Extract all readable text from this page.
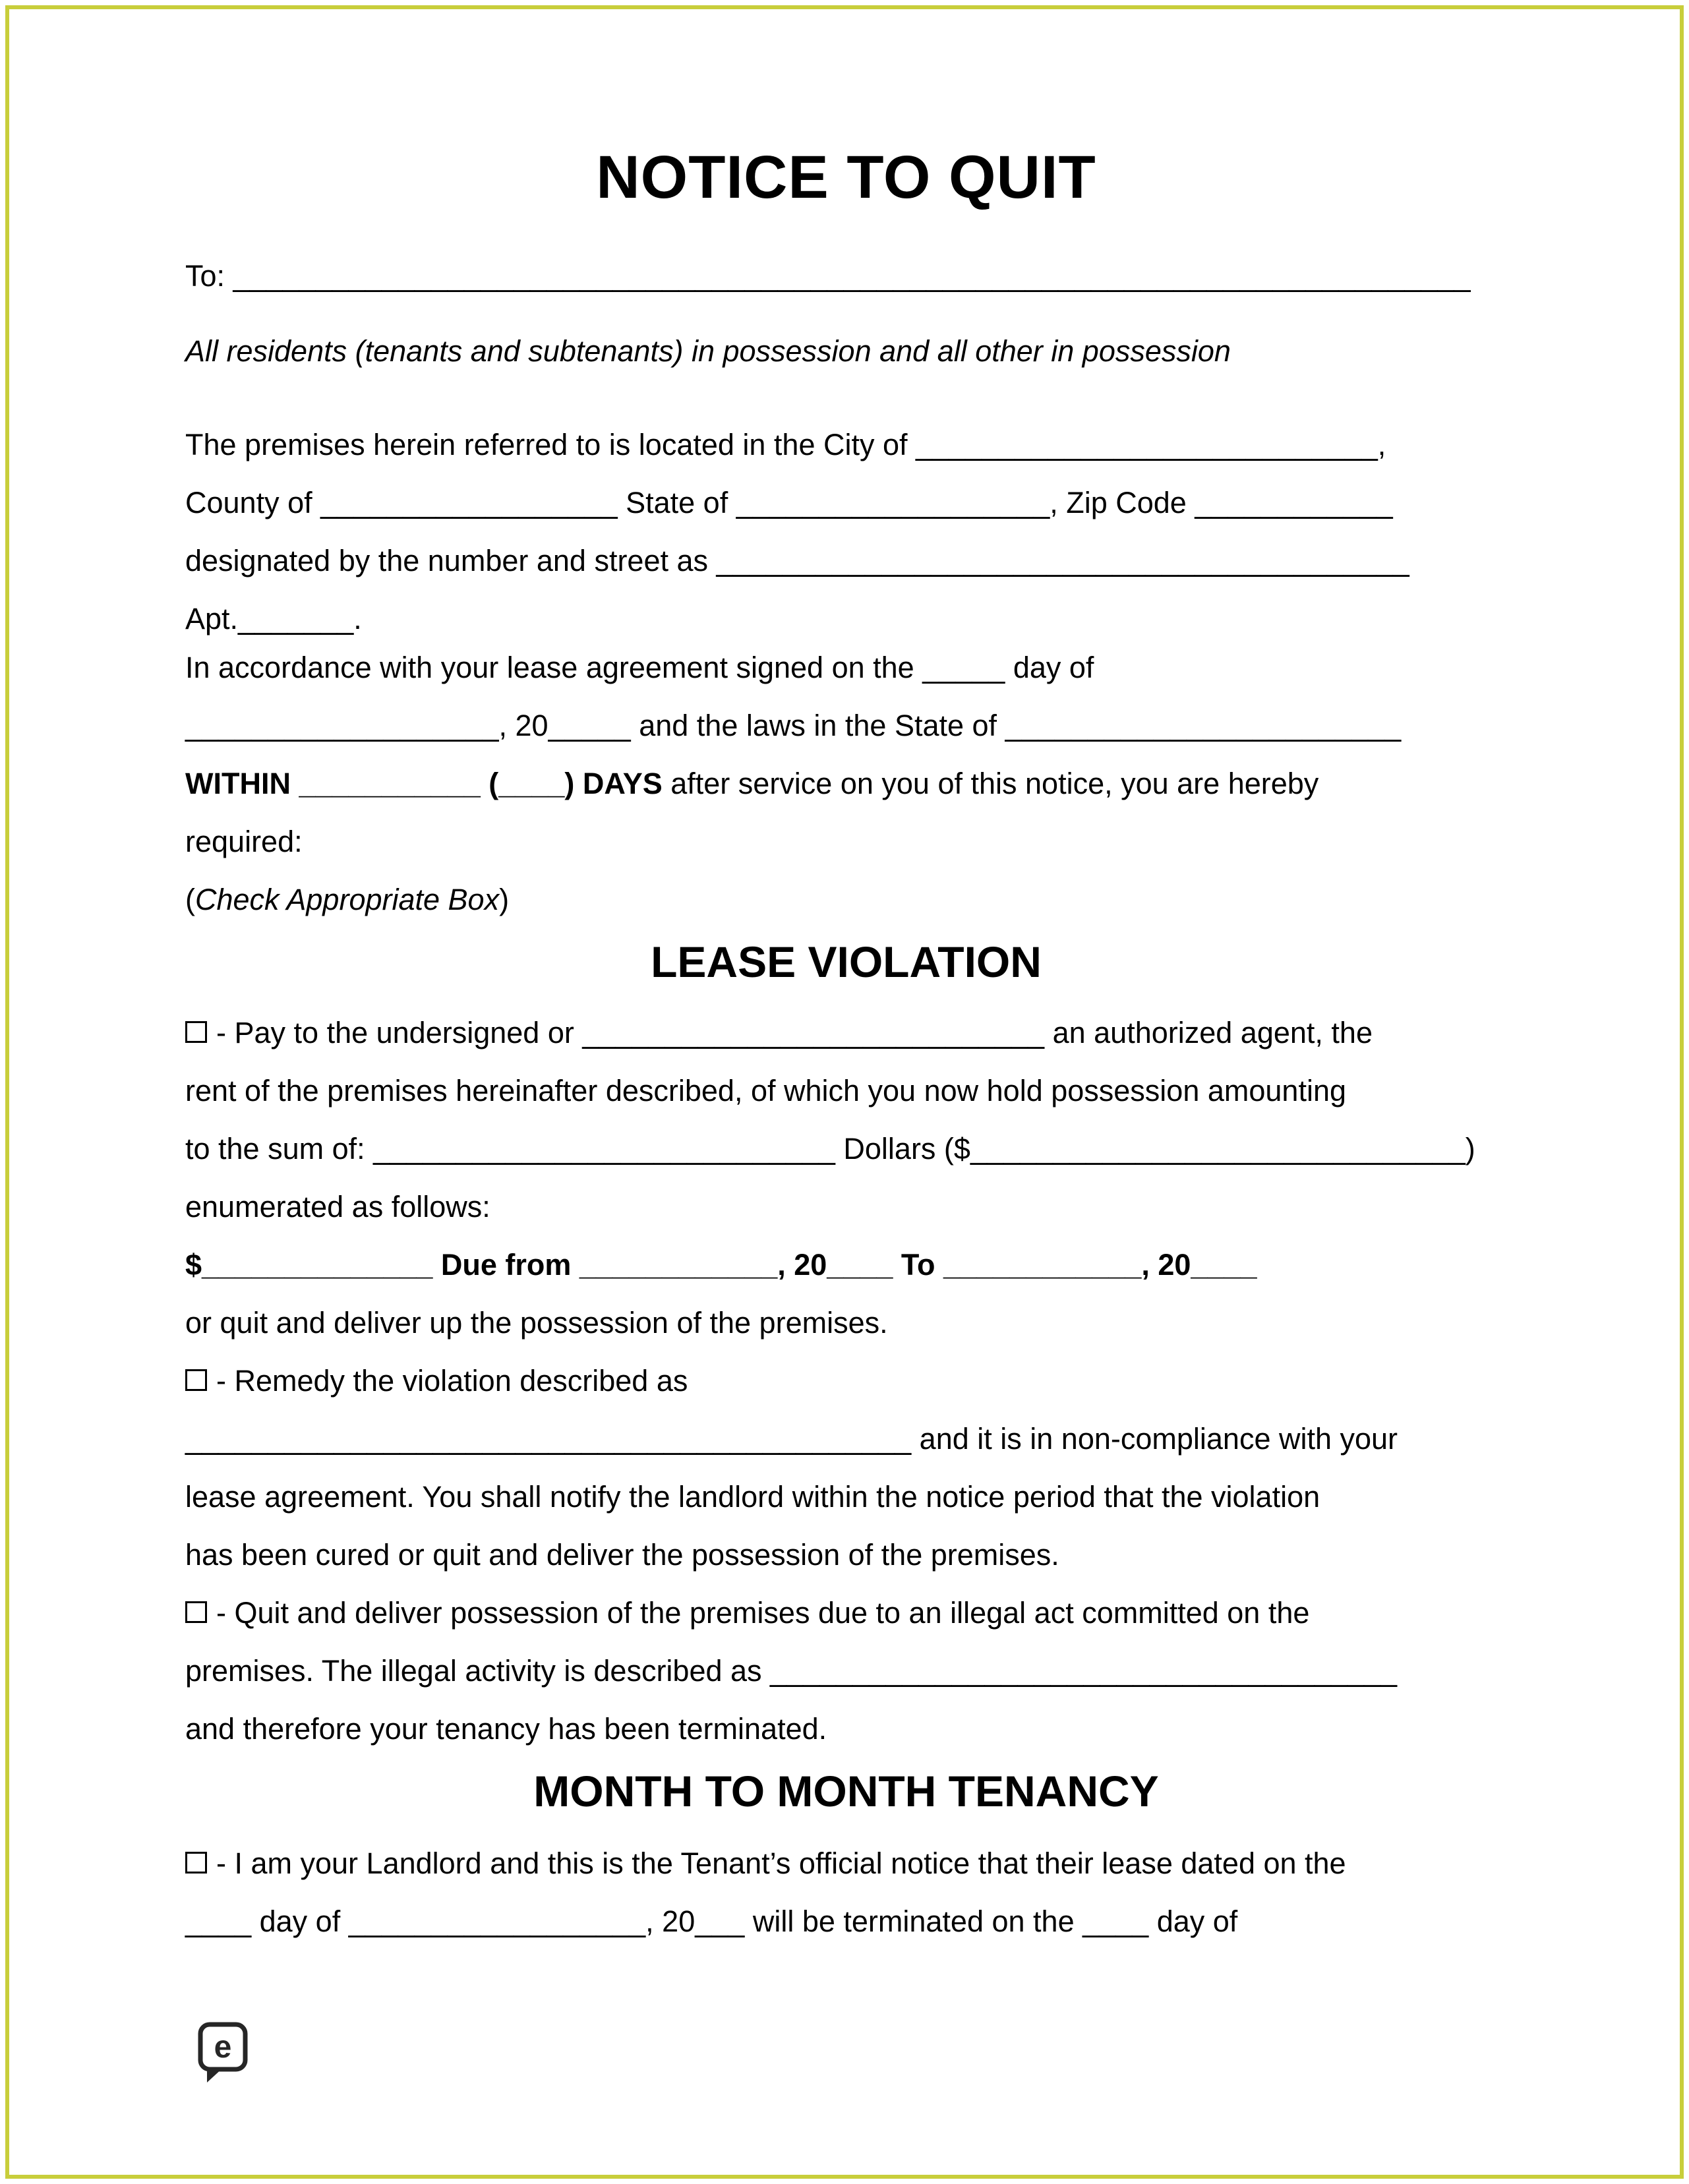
NOTICE TO QUIT

To: ___________________________________________________________________________

All residents (tenants and subtenants) in possession and all other in possession

The premises herein referred to is located in the City of ____________________________,

County of __________________ State of ___________________, Zip Code ____________

designated by the number and street as __________________________________________

Apt._______.

In accordance with your lease agreement signed on the _____ day of

___________________, 20_____ and the laws in the State of ________________________

WITHIN ___________ (____) DAYS after service on you of this notice, you are hereby

required:

(Check Appropriate Box)

LEASE VIOLATION

- Pay to the undersigned or ____________________________ an authorized agent, the

rent of the premises hereinafter described, of which you now hold possession amounting

to the sum of: ____________________________ Dollars ($______________________________)

enumerated as follows:

$______________ Due from ____________, 20____ To ____________, 20____

or quit and deliver up the possession of the premises.

- Remedy the violation described as

____________________________________________ and it is in non-compliance with your

lease agreement. You shall notify the landlord within the notice period that the violation

has been cured or quit and deliver the possession of the premises.

- Quit and deliver possession of the premises due to an illegal act committed on the

premises. The illegal activity is described as ______________________________________

and therefore your tenancy has been terminated.

MONTH TO MONTH TENANCY

- I am your Landlord and this is the Tenant’s official notice that their lease dated on the

____ day of __________________, 20___ will be terminated on the ____ day of

e
